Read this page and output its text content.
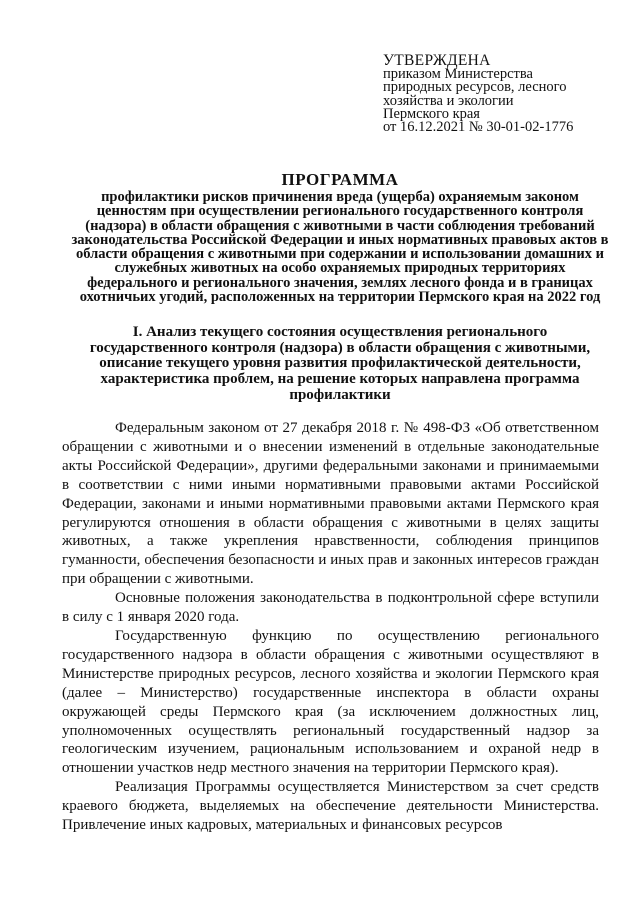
УТВЕРЖДЕНА
приказом Министерства
природных ресурсов, лесного
хозяйства и экологии
Пермского края
от 16.12.2021 № 30-01-02-1776
ПРОГРАММА
профилактики рисков причинения вреда (ущерба) охраняемым законом ценностям при осуществлении регионального государственного контроля (надзора) в области обращения с животными в части соблюдения требований законодательства Российской Федерации и иных нормативных правовых актов в области обращения с животными при содержании и использовании домашних и служебных животных на особо охраняемых природных территориях федерального и регионального значения, землях лесного фонда и в границах охотничьих угодий, расположенных на территории Пермского края на 2022 год
I. Анализ текущего состояния осуществления регионального государственного контроля (надзора) в области обращения с животными, описание текущего уровня развития профилактической деятельности, характеристика проблем, на решение которых направлена программа профилактики

Федеральным законом от 27 декабря 2018 г. № 498-ФЗ «Об ответственном обращении с животными и о внесении изменений в отдельные законодательные акты Российской Федерации», другими федеральными законами и принимаемыми в соответствии с ними иными нормативными правовыми актами Российской Федерации, законами и иными нормативными правовыми актами Пермского края регулируются отношения в области обращения с животными в целях защиты животных, а также укрепления нравственности, соблюдения принципов гуманности, обеспечения безопасности и иных прав и законных интересов граждан при обращении с животными.

Основные положения законодательства в подконтрольной сфере вступили в силу с 1 января 2020 года.

Государственную функцию по осуществлению регионального государственного надзора в области обращения с животными осуществляют в Министерстве природных ресурсов, лесного хозяйства и экологии Пермского края (далее – Министерство) государственные инспектора в области охраны окружающей среды Пермского края (за исключением должностных лиц, уполномоченных осуществлять региональный государственный надзор за геологическим изучением, рациональным использованием и охраной недр в отношении участков недр местного значения на территории Пермского края).

Реализация Программы осуществляется Министерством за счет средств краевого бюджета, выделяемых на обеспечение деятельности Министерства. Привлечение иных кадровых, материальных и финансовых ресурсов
